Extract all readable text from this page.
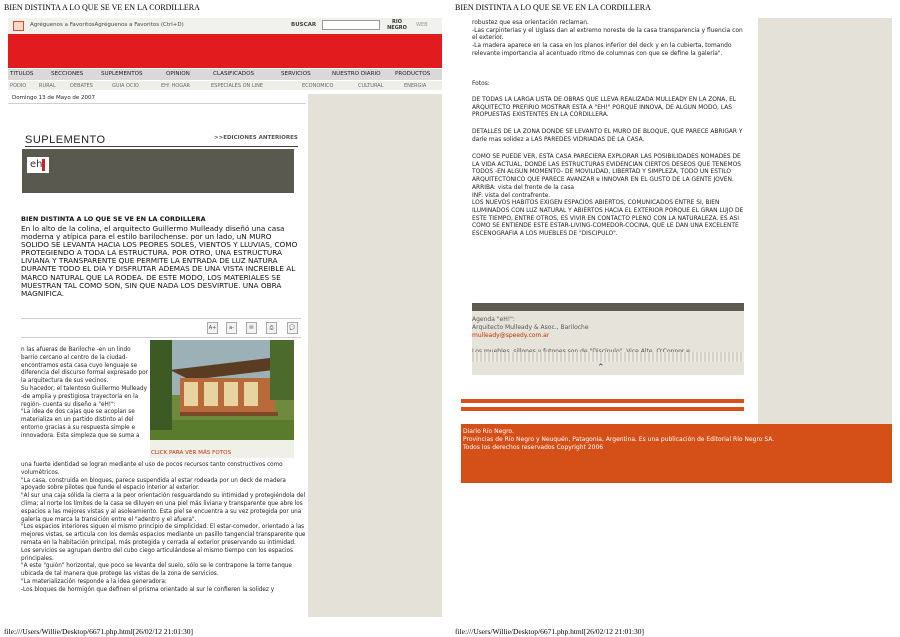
BIEN DISTINTA A LO QUE SE VE EN LA CORDILLERA	BIEN DISTINTA A LO QUE SE VE EN LA CORDILLERA
file:///Users/Willie/Desktop/6671.php.html[26/02/12 21:01:30]	file:///Users/Willie/Desktop/6671.php.html[26/02/12 21:01:30]
Agréguenos a FavoritosAgréguenos a Favoritos (Ctrl+D)	BUSCAR	RIO
NEGRO WEB
TITULOS	SECCIONES	SUPLEMENTOS	OPINION	CLASIFICADOS	SERVICIOS	NUESTRO DIARIO	PRODUCTOS
PODIO	RURAL	DEBATES	GUIA OCIO	EH! HOGAR	ESPECIALES ON LINE	ECONOMICO	CULTURAL	ENERGIA
Domingo 13 de Mayo de 2007
SUPLEMENTO	>>EDICIONES ANTERIORES
eh
BIEN DISTINTA A LO QUE SE VE EN LA CORDILLERA
En lo alto de la colina, el arquitecto Guillermo Mulleady diseñó una casa moderna y atípica para el estilo barilochense. por un lado, uN MURO SOLIDO SE LEVANTA HACIA LOS PEORES SOLES, VIENTOS Y LLUVIAS, COMO PROTEGIENDO A TODA LA ESTRUCTURA. POR OTRO, UNA ESTRUCTURA LIVIANA Y TRANSPARENTE QUE PERMITE LA ENTRADA DE LUZ NATURA DURANTE TODO EL DIA Y DISFRUTAR ADEMAS DE UNA VISTA INCREIBLE AL MARCO NATURAL QUE LA RODEA. DE ESTE MODO, LOS MATERIALES SE MUESTRAN TAL COMO SON, SIN QUE NADA LOS DESVIRTUE. UNA OBRA MAGNIFICA.
A+	a-	✉	⎙	💬
CLICK PARA VER MÁS FOTOS

n las afueras de Bariloche -en un lindo barrio cercano al centro de la ciudad- encontramos esta casa cuyo lenguaje se diferencia del discurso formal expresado por la arquitectura de sus vecinos.

Su hacedor, el talentoso Guillermo Mulleady -de amplia y prestigiosa trayectoria en la región- cuenta su diseño a "eH!":

"La idea de dos cajas que se acoplan se materializa en un partido distinto al del entorno gracias a su respuesta simple e innovadora. Esta simpleza que se suma a

una fuerte identidad se logran mediante el uso de pocos recursos tanto constructivos como volumétricos.

"La casa, construida en bloques, parece suspendida al estar rodeada por un deck de madera apoyado sobre pilotes que funde el espacio interior al exterior.

"Al sur una caja sólida la cierra a la peor orientación resguardando su intimidad y protegiéndola del clima; al norte los límites de la casa se diluyen en una piel más liviana y transparente que abre los espacios a las mejores vistas y al asoleamiento. Esta piel se encuentra a su vez protegida por una galería que marca la transición entre el "adentro y el afuera".

"Los espacios interiores siguen el mismo principio de simplicidad. El estar-comedor, orientado a las mejores vistas, se articula con los demás espacios mediante un pasillo tangencial transparente que remata en la habitación principal, más protegida y cerrada al exterior preservando su intimidad. Los servicios se agrupan dentro del cubo ciego articulándose al mismo tiempo con los espacios principales.

"A este "guión" horizontal, que poco se levanta del suelo, sólo se le contrapone la torre tanque ubicada de tal manera que protege las vistas de la zona de servicios.

"La materialización responde a la idea generadora:

-Los bloques de hormigón que definen el prisma orientado al sur le confieren la solidez y

robustez que esa orientación reclaman.

-Las carpinterías y el Ugla​ss dan al extremo noreste de la casa transparencia y fluencia con el exterior.

-La madera aparece en la casa en los planos inferior del deck y en la cubierta, tomando relevante importancia al acentuado ritmo de columnas con que se define la galería".

Fotos:
DE TODAS LA LARGA LISTA DE OBRAS QUE LLEVA REALIZADA MULLEADY EN LA ZONA, EL ARQUITECTO PREFIRIO MOSTRAR ESTA A "EH!" PORQUE INNOVA, DE ALGUN MODO, LAS PROPUESTAS EXISTENTES EN LA CORDILLERA.
DETALLES DE LA ZONA DONDE SE LEVANTO EL MURO DE BLOQUE, QUE PARECE ABRIGAR Y darle mas solidez a LAS PAREDES VIDRIADAS DE LA CASA.

COMO SE PUEDE VER, ESTA CASA PARECIERA EXPLORAR LAS POSIBILIDADES NOMADES DE LA VIDA ACTUAL, DONDE LAS ESTRUCTURAS EVIDENCIAN CIERTOS DESEOS QUE TENEMOS TODOS -EN ALGUN MOMENTO- DE MOVILIDAD, LIBERTAD Y SIMPLEZA, TODO UN ESTILO ARQUITECTONICO QUE PARECE AVANZAR e INNOVAR EN EL GUSTO DE LA GENTE JOVEN.

ARRIBA: vista del frente de la casa

INF: vista del contrafrente.

LOS NUEVOS HABITOS EXIGEN ESPACIOS ABIERTOS, COMUNICADOS ENTRE SI, BIEN ILUMINADOS CON LUZ NATURAL Y ABIERTOS HACIA EL EXTERIOR PORQUE EL GRAN LUJO DE ESTE TIEMPO, ENTRE OTROS, ES VIVIR EN CONTACTO PLENO CON LA NATURALEZA. ES ASI COMO SE ENTIENDE ESTE ESTAR-LIVING-COMEDOR-COCINA, QUE LE DAN UNA EXCELENTE ESCENOGRAFIA A LOS MUEBLES DE "DISCIPULO".

Agenda "eH!":
Arquitecto Mulleady & Asoc., Bariloche
mulleady@speedy.com.ar
⌃
Diario Río Negro.
Provincias de Río Negro y Neuquén, Patagonia, Argentina. Es una publicación de Editorial Río Negro SA.
Todos los derechos reservados Copyright 2006
